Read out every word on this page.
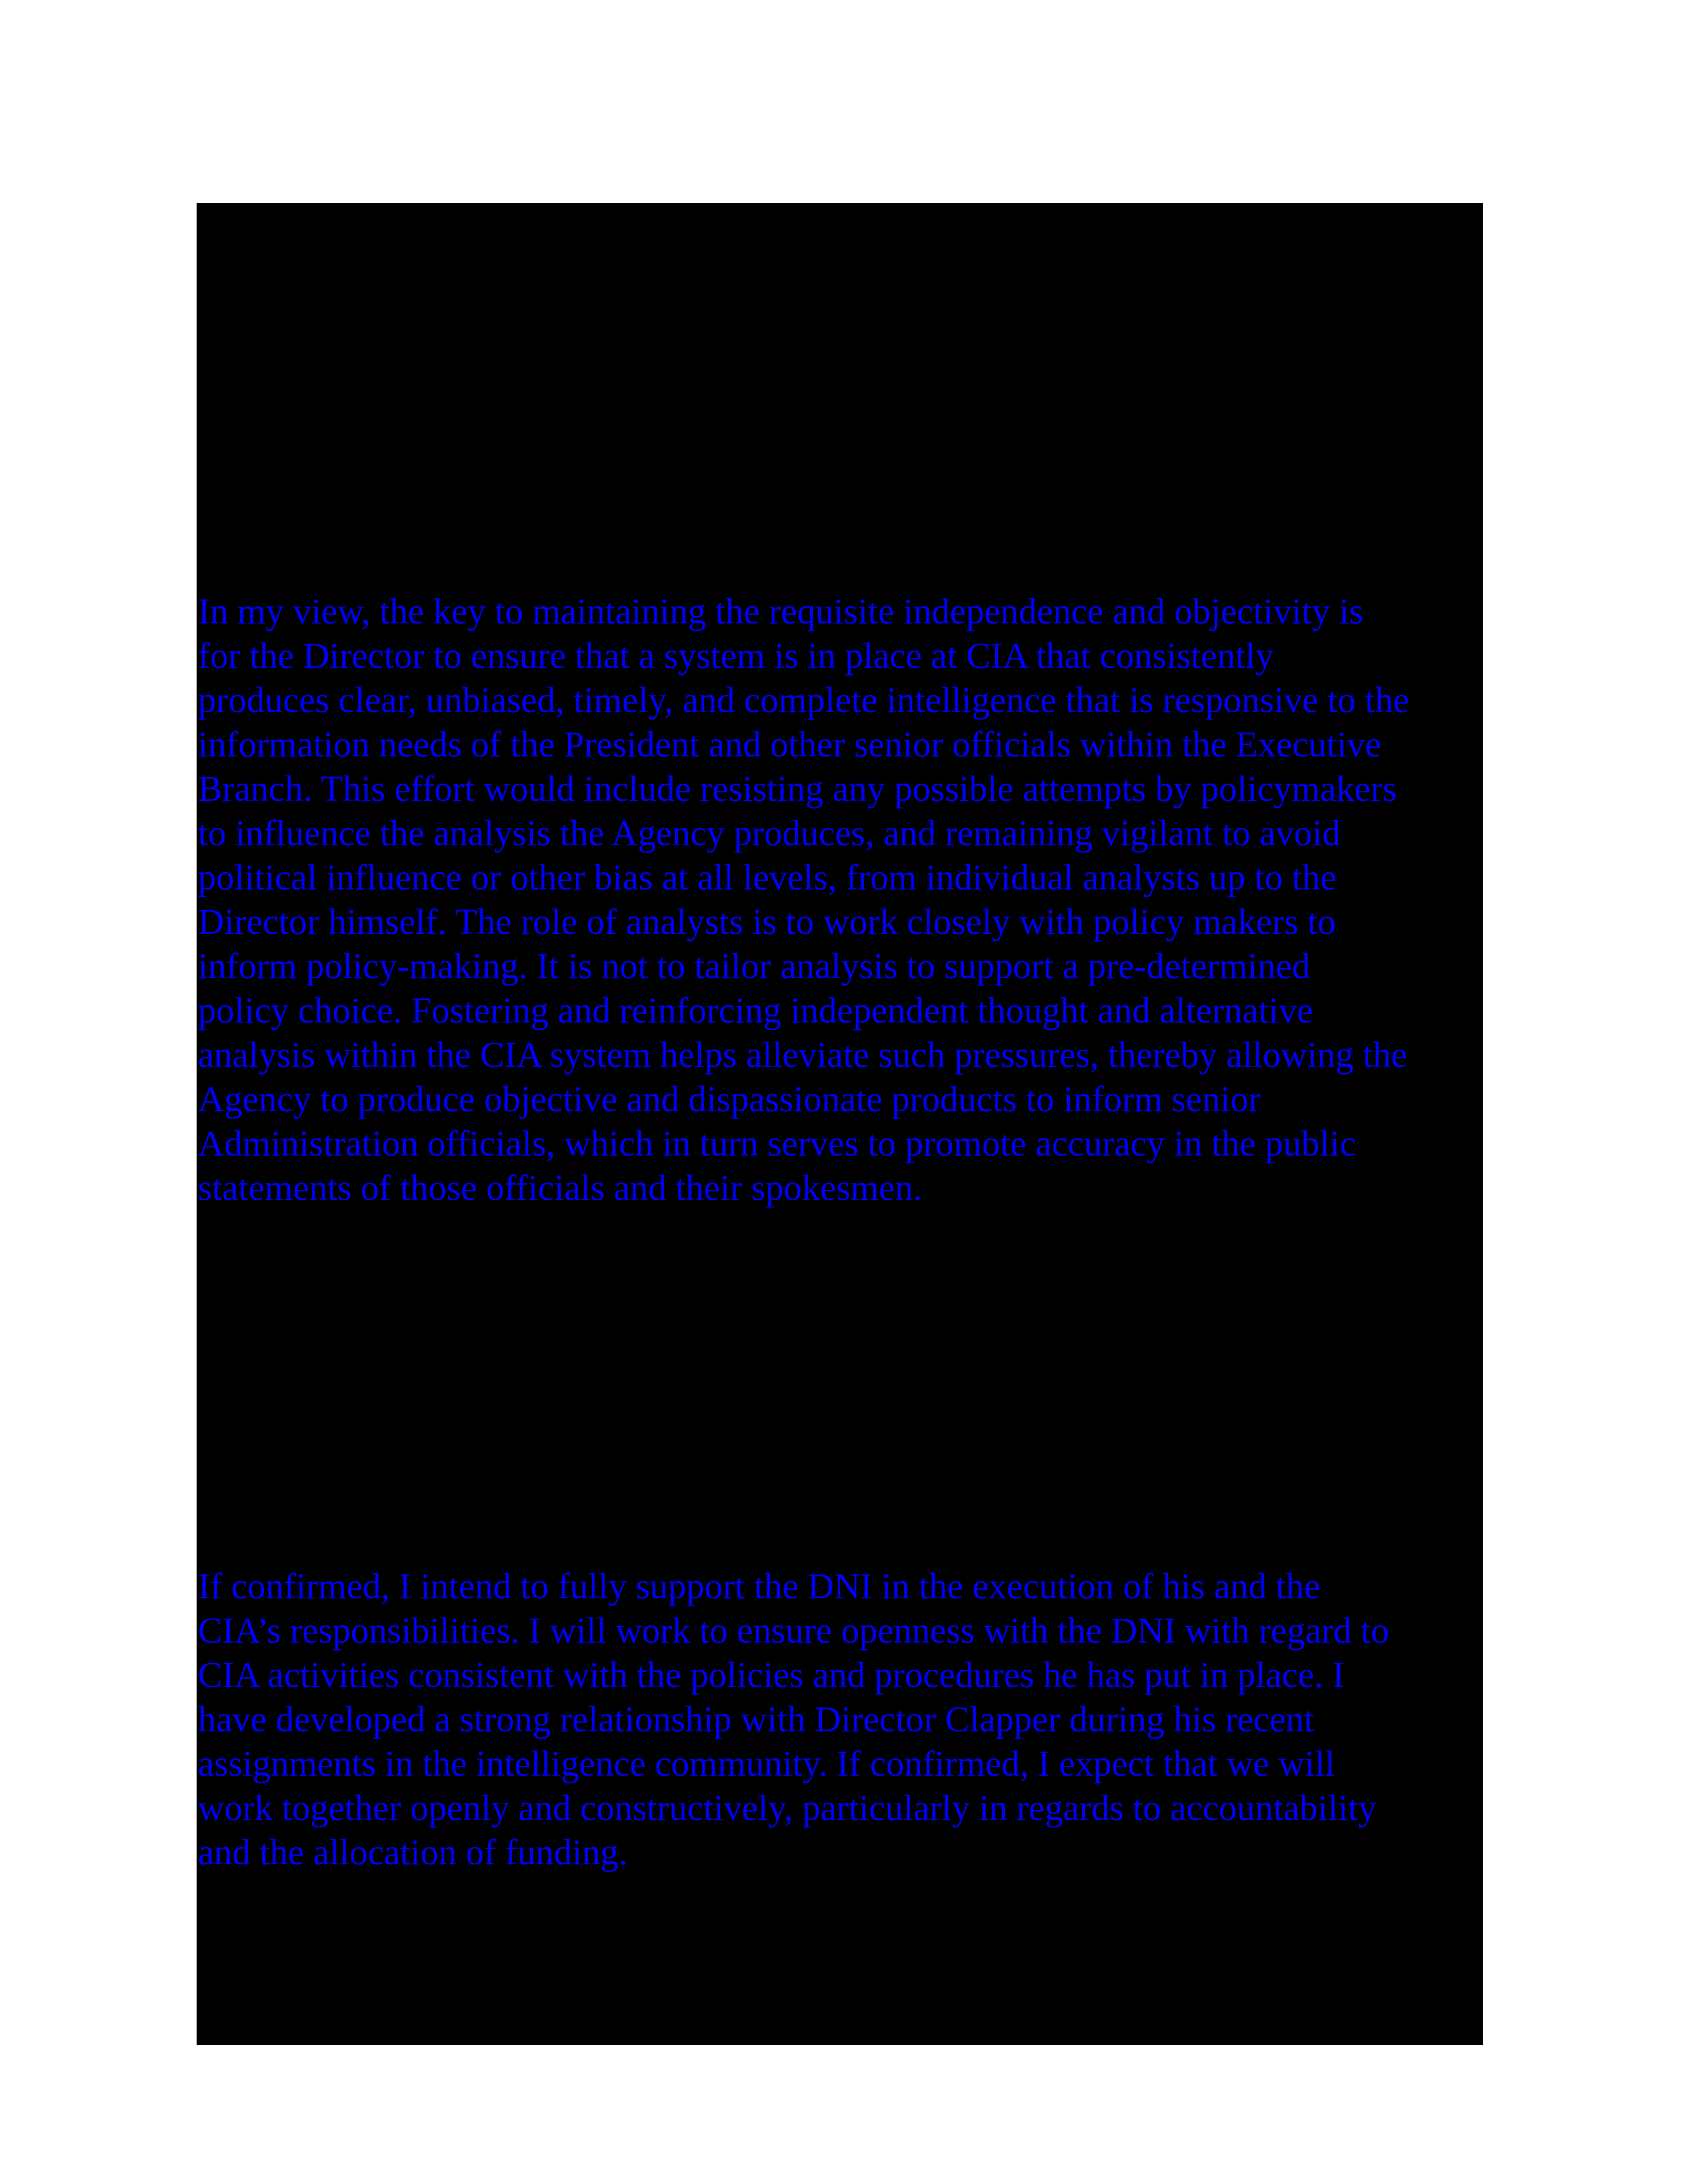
In my view, the key to maintaining the requisite independence and objectivity is
for the Director to ensure that a system is in place at CIA that consistently
produces clear, unbiased, timely, and complete intelligence that is responsive to the
information needs of the President and other senior officials within the Executive
Branch. This effort would include resisting any possible attempts by policymakers
to influence the analysis the Agency produces, and remaining vigilant to avoid
political influence or other bias at all levels, from individual analysts up to the
Director himself. The role of analysts is to work closely with policy makers to
inform policy-making. It is not to tailor analysis to support a pre-determined
policy choice. Fostering and reinforcing independent thought and alternative
analysis within the CIA system helps alleviate such pressures, thereby allowing the
Agency to produce objective and dispassionate products to inform senior
Administration officials, which in turn serves to promote accuracy in the public
statements of those officials and their spokesmen.

If confirmed, I intend to fully support the DNI in the execution of his and the
CIA’s responsibilities. I will work to ensure openness with the DNI with regard to
CIA activities consistent with the policies and procedures he has put in place. I
have developed a strong relationship with Director Clapper during his recent
assignments in the intelligence community. If confirmed, I expect that we will
work together openly and constructively, particularly in regards to accountability
and the allocation of funding.
